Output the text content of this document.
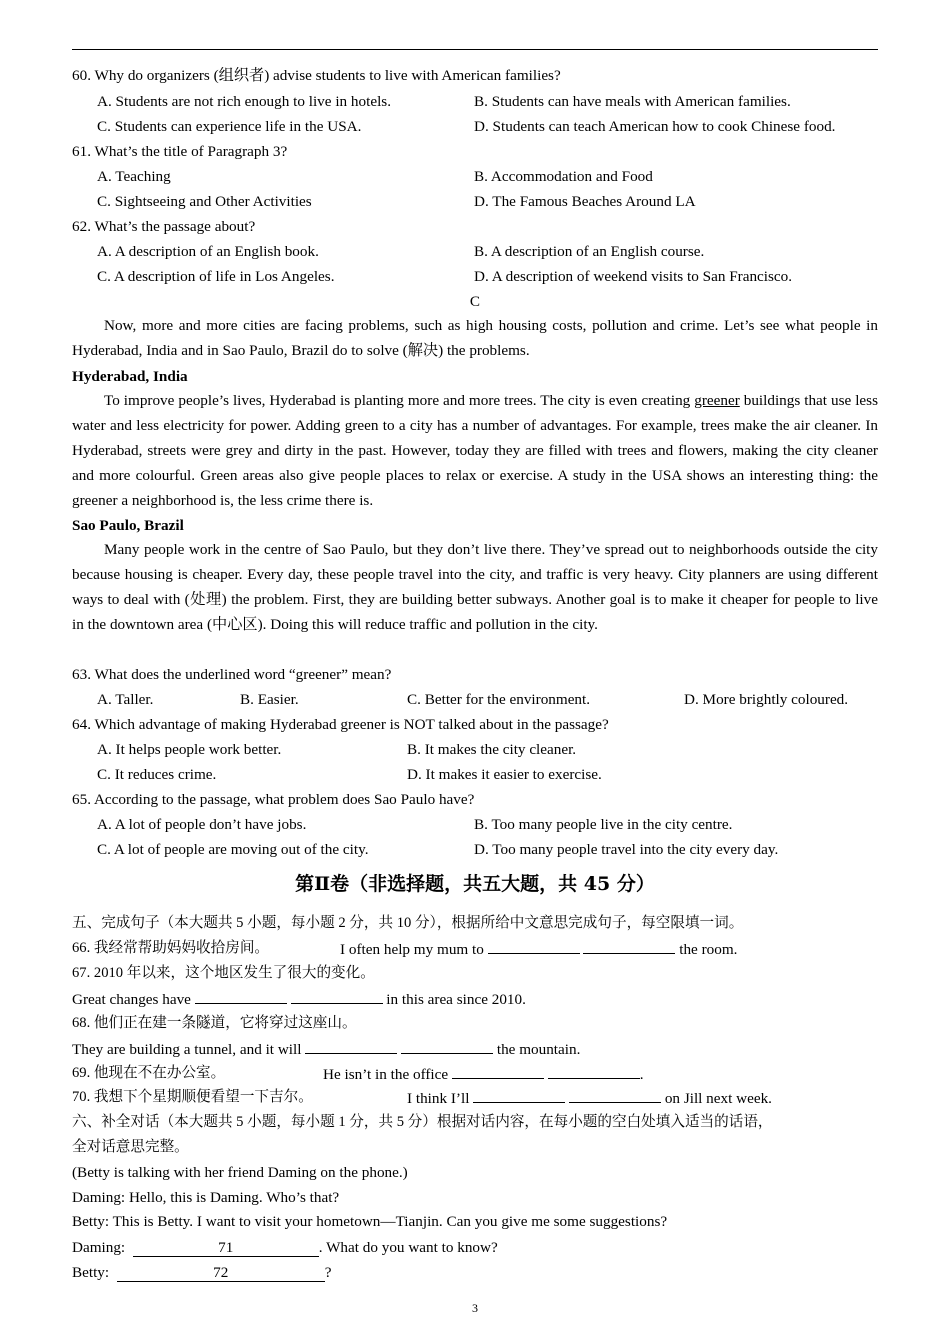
60. Why do organizers (组织者) advise students to live with American families?
A. Students are not rich enough to live in hotels.	B. Students can have meals with American families.
C. Students can experience life in the USA.	D. Students can teach American how to cook Chinese food.
61. What’s the title of Paragraph 3?
A. Teaching	B. Accommodation and Food
C. Sightseeing and Other Activities	D. The Famous Beaches Around LA
62. What’s the passage about?
A. A description of an English book.	B. A description of an English course.
C. A description of life in Los Angeles.	D. A description of weekend visits to San Francisco.
C
Now, more and more cities are facing problems, such as high housing costs, pollution and crime. Let’s see what people in Hyderabad, India and in Sao Paulo, Brazil do to solve (解决) the problems.
Hyderabad, India
To improve people’s lives, Hyderabad is planting more and more trees. The city is even creating greener buildings that use less water and less electricity for power. Adding green to a city has a number of advantages. For example, trees make the air cleaner. In Hyderabad, streets were grey and dirty in the past. However, today they are filled with trees and flowers, making the city cleaner and more colourful. Green areas also give people places to relax or exercise. A study in the USA shows an interesting thing: the greener a neighborhood is, the less crime there is.
Sao Paulo, Brazil
Many people work in the centre of Sao Paulo, but they don’t live there. They’ve spread out to neighborhoods outside the city because housing is cheaper. Every day, these people travel into the city, and traffic is very heavy. City planners are using different ways to deal with (处理) the problem. First, they are building better subways. Another goal is to make it cheaper for people to live in the downtown area (中心区). Doing this will reduce traffic and pollution in the city.
63. What does the underlined word “greener” mean?
A. Taller.	B. Easier.	C. Better for the environment.	D. More brightly coloured.
64. Which advantage of making Hyderabad greener is NOT talked about in the passage?
A. It helps people work better.	B. It makes the city cleaner.
C. It reduces crime.	D. It makes it easier to exercise.
65. According to the passage, what problem does Sao Paulo have?
A. A lot of people don’t have jobs.	B. Too many people live in the city centre.
C. A lot of people are moving out of the city.	D. Too many people travel into the city every day.
第Ⅱ卷（非选择题，共五大题，共 45 分）
五、完成句子（本大题共 5 小题，每小题 2 分，共 10 分），根据所给中文意思完成句子，每空限填一词。
66. 我经常帮助妈妈收拾房间。	I often help my mum to	the room.
67. 2010 年以来，这个地区发生了很大的变化。
Great changes have	in this area since 2010.
68. 他们正在建一条隧道，它将穿过这座山。
They are building a tunnel, and it will	the mountain.
69. 他现在不在办公室。	He isn’t in the office	.
70. 我想下个星期顺便看望一下吉尔。	I think I’ll	on Jill next week.
六、补全对话（本大题共 5 小题，每小题 1 分，共 5 分）根据对话内容，在每小题的空白处填入适当的话语，
全对话意思完整。
(Betty is talking with her friend Daming on the phone.)
Daming: Hello, this is Daming. Who’s that?
Betty: This is Betty. I want to visit your hometown—Tianjin. Can you give me some suggestions?
Daming:	71	. What do you want to know?
Betty:	72	?
3
